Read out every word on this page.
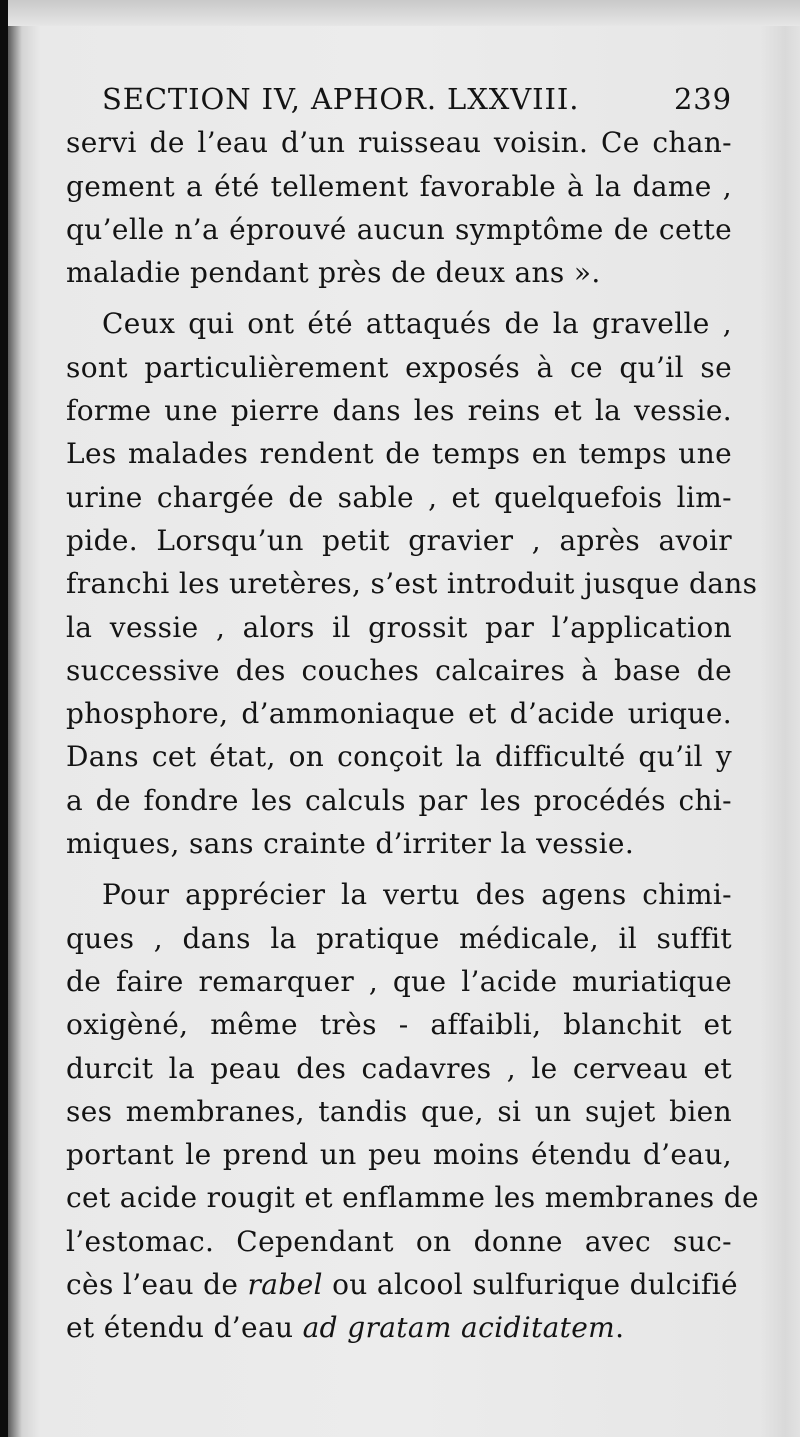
SECTION IV, APHOR. LXXVIII.	239
servi de l’eau d’un ruisseau voisin. Ce chan-
gement a été tellement favorable à la dame ,
qu’elle n’a éprouvé aucun symptôme de cette
maladie pendant près de deux ans ».
Ceux qui ont été attaqués de la gravelle ,
sont particulièrement exposés à ce qu’il se
forme une pierre dans les reins et la vessie.
Les malades rendent de temps en temps une
urine chargée de sable , et quelquefois lim-
pide. Lorsqu’un petit gravier , après avoir
franchi les uretères, s’est introduit jusque dans
la vessie , alors il grossit par l’application
successive des couches calcaires à base de
phosphore, d’ammoniaque et d’acide urique.
Dans cet état, on conçoit la difficulté qu’il y
a de fondre les calculs par les procédés chi-
miques, sans crainte d’irriter la vessie.
Pour apprécier la vertu des agens chimi-
ques , dans la pratique médicale, il suffit
de faire remarquer , que l’acide muriatique
oxigèné, même très - affaibli, blanchit et
durcit la peau des cadavres , le cerveau et
ses membranes, tandis que, si un sujet bien
portant le prend un peu moins étendu d’eau,
cet acide rougit et enflamme les membranes de
l’estomac. Cependant on donne avec suc-
cès l’eau de rabel ou alcool sulfurique dulcifié
et étendu d’eau ad gratam aciditatem.
